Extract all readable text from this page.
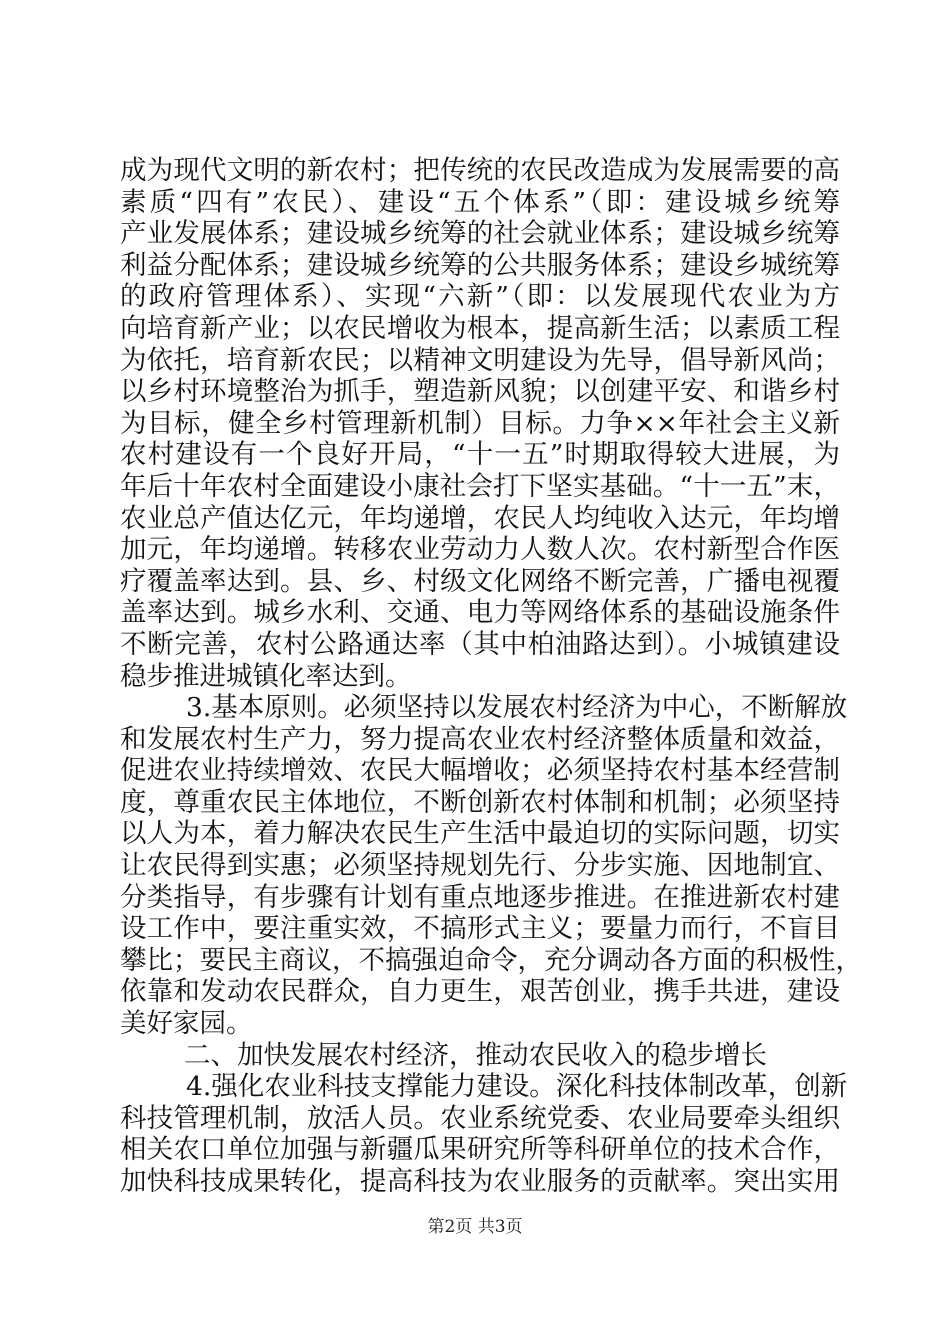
成为现代文明的新农村；把传统的农民改造成为发展需要的高
素质“四有”农民）、建设“五个体系”（即：建设城乡统筹
产业发展体系；建设城乡统筹的社会就业体系；建设城乡统筹
利益分配体系；建设城乡统筹的公共服务体系；建设乡城统筹
的政府管理体系）、实现“六新”（即：以发展现代农业为方
向培育新产业；以农民增收为根本，提高新生活；以素质工程
为依托，培育新农民；以精神文明建设为先导，倡导新风尚；
以乡村环境整治为抓手，塑造新风貌；以创建平安、和谐乡村
为目标，健全乡村管理新机制）目标。力争××年社会主义新
农村建设有一个良好开局，“十一五”时期取得较大进展，为
年后十年农村全面建设小康社会打下坚实基础。“十一五”末，
农业总产值达亿元，年均递增，农民人均纯收入达元，年均增
加元，年均递增。转移农业劳动力人数人次。农村新型合作医
疗覆盖率达到。县、乡、村级文化网络不断完善，广播电视覆
盖率达到。城乡水利、交通、电力等网络体系的基础设施条件
不断完善，农村公路通达率（其中柏油路达到）。小城镇建设
稳步推进城镇化率达到。
3.基本原则。必须坚持以发展农村经济为中心，不断解放
和发展农村生产力，努力提高农业农村经济整体质量和效益，
促进农业持续增效、农民大幅增收；必须坚持农村基本经营制
度，尊重农民主体地位，不断创新农村体制和机制；必须坚持
以人为本，着力解决农民生产生活中最迫切的实际问题，切实
让农民得到实惠；必须坚持规划先行、分步实施、因地制宜、
分类指导，有步骤有计划有重点地逐步推进。在推进新农村建
设工作中，要注重实效，不搞形式主义；要量力而行，不盲目
攀比；要民主商议，不搞强迫命令，充分调动各方面的积极性，
依靠和发动农民群众，自力更生，艰苦创业，携手共进，建设
美好家园。
二、加快发展农村经济，推动农民收入的稳步增长
4.强化农业科技支撑能力建设。深化科技体制改革，创新
科技管理机制，放活人员。农业系统党委、农业局要牵头组织
相关农口单位加强与新疆瓜果研究所等科研单位的技术合作，
加快科技成果转化，提高科技为农业服务的贡献率。突出实用
第2页 共3页
